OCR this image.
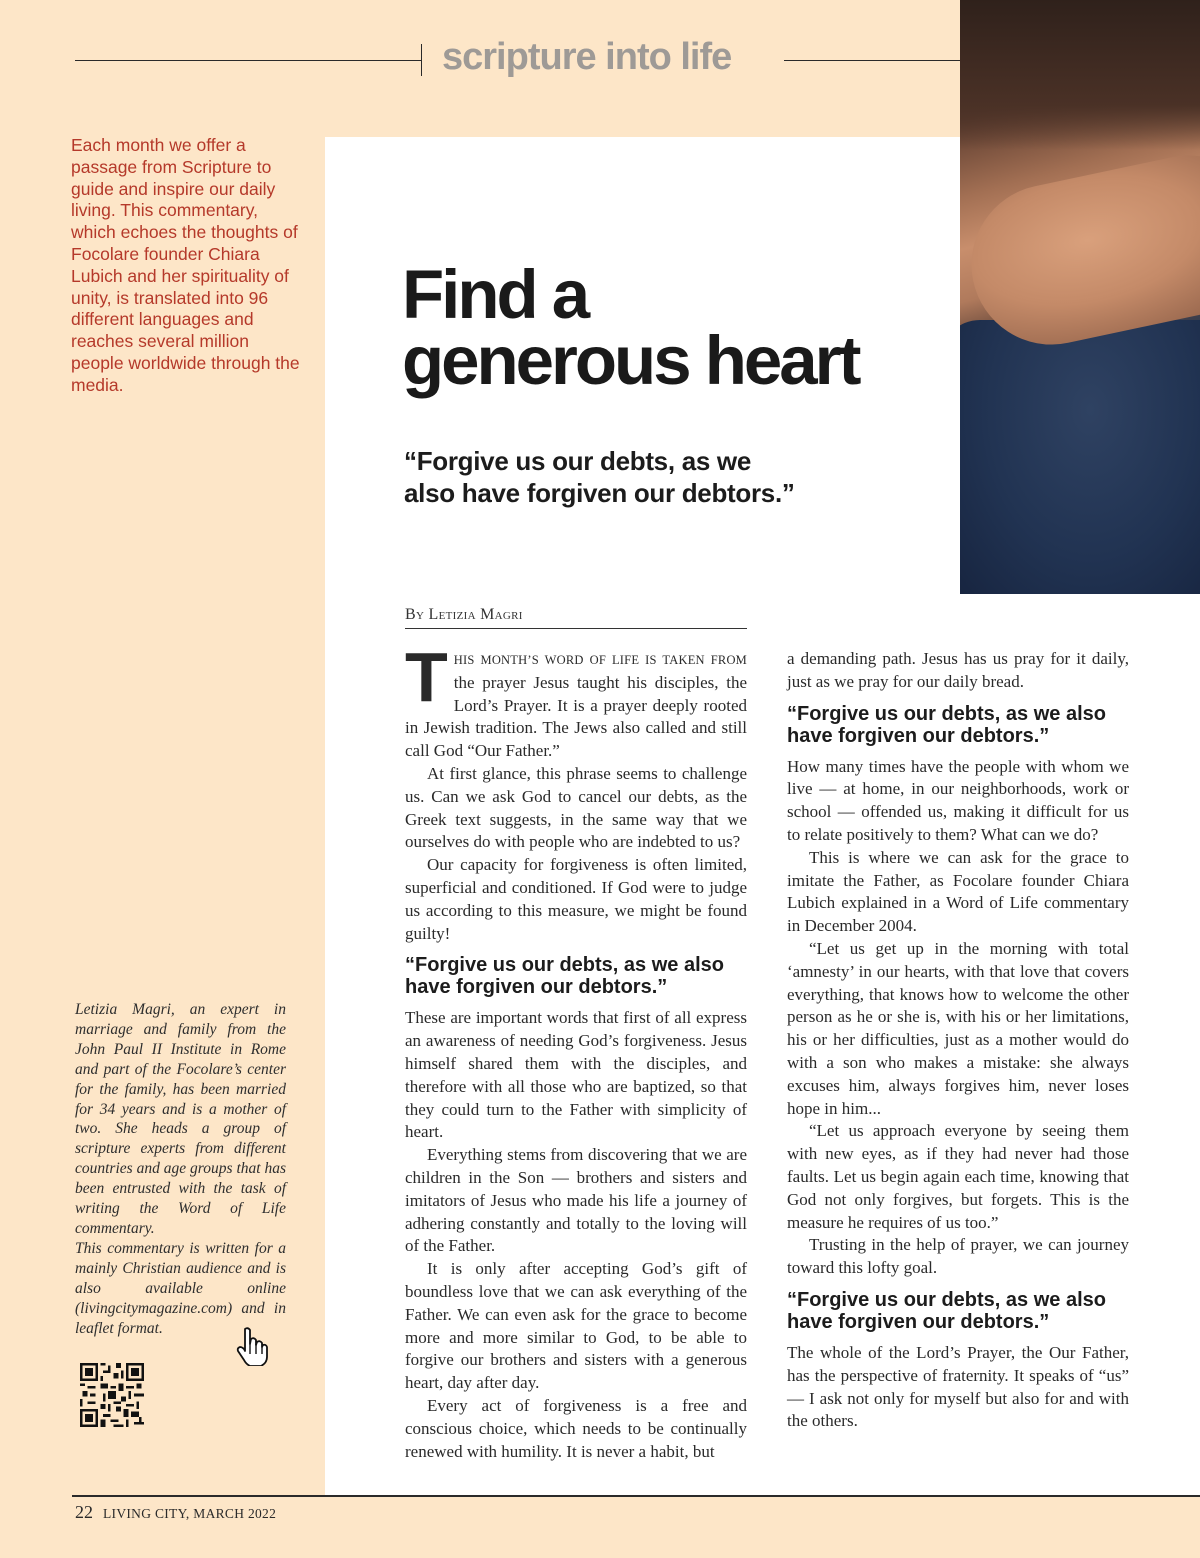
scripture into life
Each month we offer a passage from Scripture to guide and inspire our daily living. This commentary, which echoes the thoughts of Focolare founder Chiara Lubich and her spirituality of unity, is translated into 96 different languages and reaches several million people worldwide through the media.
Find a
generous heart
“Forgive us our debts, as we
also have forgiven our debtors.”
By Letizia Magri

THIS MONTH’S WORD OF LIFE IS TAKEN FROM the prayer Jesus taught his disciples, the Lord’s Prayer. It is a prayer deeply rooted in Jewish tradition. The Jews also called and still call God “Our Father.”

At first glance, this phrase seems to challenge us. Can we ask God to cancel our debts, as the Greek text suggests, in the same way that we ourselves do with people who are indebted to us?

Our capacity for forgiveness is often limited, superficial and conditioned. If God were to judge us according to this measure, we might be found guilty!

“Forgive us our debts, as we also have forgiven our debtors.”

These are important words that first of all express an awareness of needing God’s forgiveness. Jesus himself shared them with the disciples, and therefore with all those who are baptized, so that they could turn to the Father with simplicity of heart.

Everything stems from discovering that we are children in the Son — brothers and sisters and imitators of Jesus who made his life a journey of adhering constantly and totally to the loving will of the Father.

It is only after accepting God’s gift of boundless love that we can ask everything of the Father. We can even ask for the grace to become more and more similar to God, to be able to forgive our brothers and sisters with a generous heart, day after day.

Every act of forgiveness is a free and conscious choice, which needs to be continually renewed with humility. It is never a habit, but

a demanding path. Jesus has us pray for it daily, just as we pray for our daily bread.

“Forgive us our debts, as we also have forgiven our debtors.”

How many times have the people with whom we live — at home, in our neighborhoods, work or school — offended us, making it difficult for us to relate positively to them? What can we do?

This is where we can ask for the grace to imitate the Father, as Focolare founder Chiara Lubich explained in a Word of Life commentary in December 2004.

“Let us get up in the morning with total ‘amnesty’ in our hearts, with that love that covers everything, that knows how to welcome the other person as he or she is, with his or her limitations, his or her difficulties, just as a mother would do with a son who makes a mistake: she always excuses him, always forgives him, never loses hope in him...

“Let us approach everyone by seeing them with new eyes, as if they had never had those faults. Let us begin again each time, knowing that God not only forgives, but forgets. This is the measure he requires of us too.”

Trusting in the help of prayer, we can journey toward this lofty goal.

“Forgive us our debts, as we also have forgiven our debtors.”

The whole of the Lord’s Prayer, the Our Father, has the perspective of fraternity. It speaks of “us” — I ask not only for myself but also for and with the others.

Letizia Magri, an expert in marriage and family from the John Paul II Institute in Rome and part of the Focolare’s center for the family, has been married for 34 years and is a mother of two. She heads a group of scripture experts from different countries and age groups that has been entrusted with the task of writing the Word of Life commentary.
This commentary is written for a mainly Christian audience and is also available online (livingcitymagazine.com) and in leaflet format.
22 LIVING CITY, MARCH 2022
